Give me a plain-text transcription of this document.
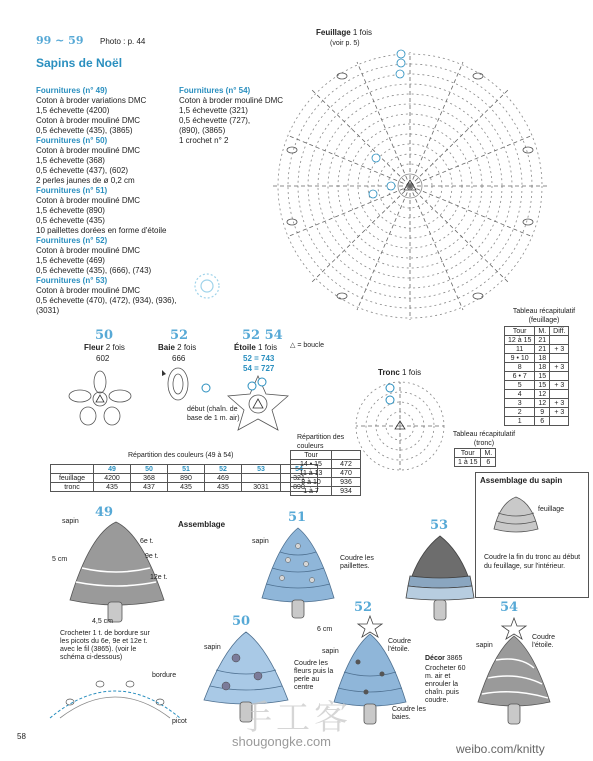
99 ~ 59 Photo : p. 44
Sapins de Noël
Fournitures (n° 49)
Coton à broder variations DMC
1,5 échevette (4200)
Coton à broder mouliné DMC
0,5 échevette (435), (3865)
Fournitures (n° 50)
Coton à broder mouliné DMC
1,5 échevette (368)
0,5 échevette (437), (602)
2 perles jaunes de ø 0,2 cm
Fournitures (n° 51)
Coton à broder mouliné DMC
1,5 échevette (890)
0,5 échevette (435)
10 paillettes dorées en forme d'étoile
Fournitures (n° 52)
Coton à broder mouliné DMC
1,5 échevette (469)
0,5 échevette (435), (666), (743)
Fournitures (n° 53)
Coton à broder mouliné DMC
0,5 échevette (470), (472), (934), (936),
(3031)
Fournitures (n° 54)
Coton à broder mouliné DMC
1,5 échevette (321)
0,5 échevette (727),
(890), (3865)
1 crochet n° 2
Feuillage 1 fois
(voir p. 5)
△ = boucle
Tableau récapitulatif (feuillage)
Tour	M.	Diff.
12 à 15	21	
11	21	+ 3
9 • 10	18	
8	18	+ 3
6 • 7	15	
5	15	+ 3
4	12	
3	12	+ 3
2	9	+ 3
1	6	
50
Fleur 2 fois
602
52
Baie 2 fois
666
début (chaîn. de base de 1 m. air)
52 54
Étoile 1 fois
52 = 743
54 = 727	Tronc 1 fois
Tableau récapitulatif (tronc)
Tour	M.
1 à 15	6
Répartition des couleurs (49 à 54)
	49	50	51	52	53	54
feuillage	4200	368	890	469		321
tronc	435	437	435	435	3031	890
Répartition des couleurs
Tour	
14 • 15	472
11 à 13	470
8 à 10	936
1 à 7	934
Assemblage du sapin
feuillage
Coudre la fin du tronc au début du feuillage, sur l'intérieur.
Assemblage
49
sapin
5 cm
6e t.
9e t.
12e t.
4,5 cm
Crocheter 1 t. de bordure sur les picots du 6e, 9e et 12e t. avec le fil (3865). (voir le schéma ci-dessous)
bordure
picot
51
sapin
Coudre les paillettes.
53
50
sapin
Coudre les fleurs puis la perle au centre
52
6 cm
sapin
Coudre l'étoile.
Coudre les baies.
54
sapin
Coudre l'étoile.
Décor 3865
Crocheter 60 m. air et enrouler la chaîn. puis coudre.
58	手工客
shougongke.com	weibo.com/knitty
